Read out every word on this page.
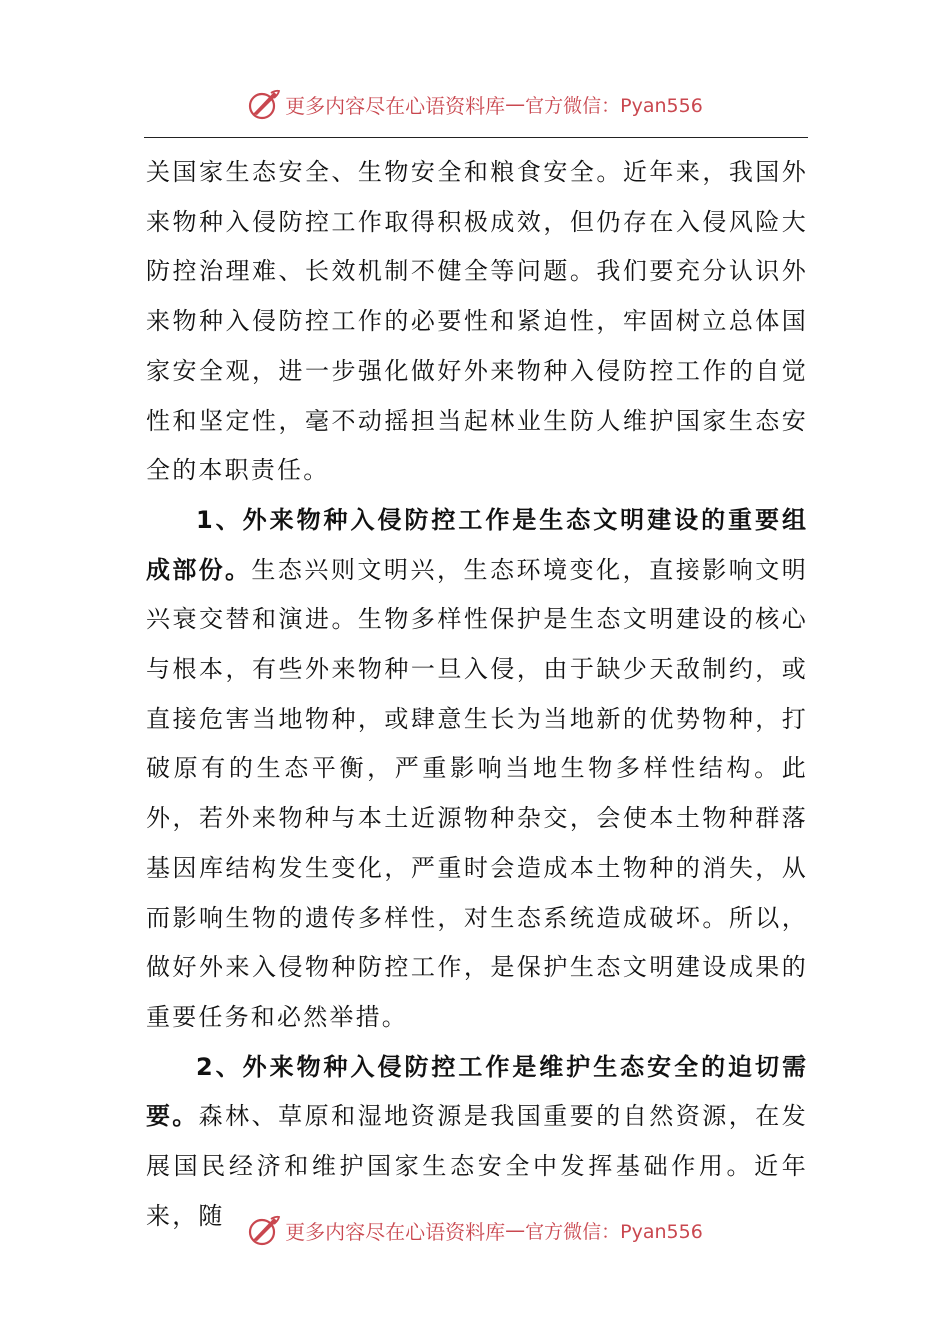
更多内容尽在心语资料库 — 官方微信：Pyan556

关国家生态安全、生物安全和粮食安全。近年来，我国外来物种入侵防控工作取得积极成效，但仍存在入侵风险大防控治理难、长效机制不健全等问题。我们要充分认识外来物种入侵防控工作的必要性和紧迫性，牢固树立总体国家安全观，进一步强化做好外来物种入侵防控工作的自觉性和坚定性，毫不动摇担当起林业生防人维护国家生态安全的本职责任。

1、外来物种入侵防控工作是生态文明建设的重要组成部份。生态兴则文明兴，生态环境变化，直接影响文明兴衰交替和演进。生物多样性保护是生态文明建设的核心与根本，有些外来物种一旦入侵，由于缺少天敌制约，或直接危害当地物种，或肆意生长为当地新的优势物种，打破原有的生态平衡，严重影响当地生物多样性结构。此外，若外来物种与本土近源物种杂交，会使本土物种群落基因库结构发生变化，严重时会造成本土物种的消失，从而影响生物的遗传多样性，对生态系统造成破坏。所以，做好外来入侵物种防控工作，是保护生态文明建设成果的重要任务和必然举措。

2、外来物种入侵防控工作是维护生态安全的迫切需要。森林、草原和湿地资源是我国重要的自然资源，在发展国民经济和维护国家生态安全中发挥基础作用。近年来，随

更多内容尽在心语资料库 — 官方微信：Pyan556
